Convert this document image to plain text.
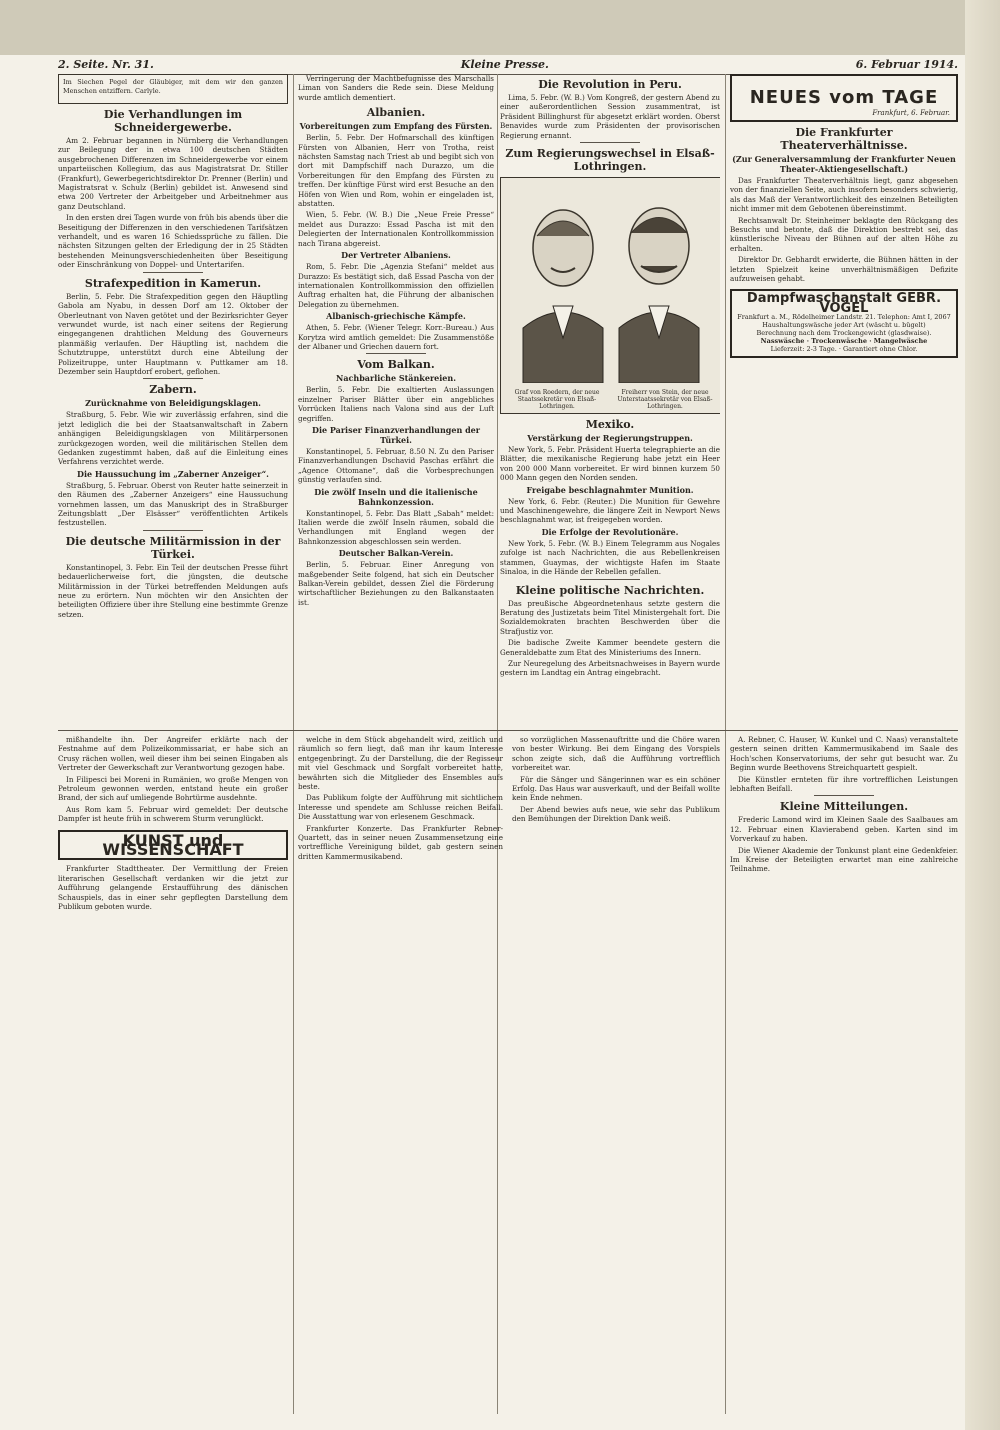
2. Seite. Nr. 31.	Kleine Presse.	6. Februar 1914.
Im Siechen Pegel der Gläubiger, mit dem wir den ganzen Menschen entziffern. Carlyle.
Die Verhandlungen im Schneidergewerbe.

Am 2. Februar begannen in Nürnberg die Verhandlungen zur Beilegung der in etwa 100 deutschen Städten ausgebrochenen Differenzen im Schneidergewerbe vor einem unparteiischen Kollegium, das aus Magistratsrat Dr. Stiller (Frankfurt), Gewerbegerichtsdirektor Dr. Prenner (Berlin) und Magistratsrat v. Schulz (Berlin) gebildet ist. Anwesend sind etwa 200 Vertreter der Arbeitgeber und Arbeitnehmer aus ganz Deutschland.

In den ersten drei Tagen wurde von früh bis abends über die Beseitigung der Differenzen in den verschiedenen Tarifsätzen verhandelt, und es waren 16 Schiedssprüche zu fällen. Die nächsten Sitzungen gelten der Erledigung der in 25 Städten bestehenden Meinungsverschiedenheiten über Beseitigung oder Einschränkung von Doppel- und Untertarifen.

Strafexpedition in Kamerun.

Berlin, 5. Febr. Die Strafexpedition gegen den Häuptling Gabola am Nyabu, in dessen Dorf am 12. Oktober der Oberleutnant von Naven getötet und der Bezirksrichter Geyer verwundet wurde, ist nach einer seitens der Regierung eingegangenen drahtlichen Meldung des Gouverneurs planmäßig verlaufen. Der Häuptling ist, nachdem die Schutztruppe, unterstützt durch eine Abteilung der Polizeitruppe, unter Hauptmann v. Puttkamer am 18. Dezember sein Hauptdorf erobert, geflohen.

Zabern.
Zurücknahme von Beleidigungsklagen.

Straßburg, 5. Febr. Wie wir zuverlässig erfahren, sind die jetzt lediglich die bei der Staatsanwaltschaft in Zabern anhängigen Beleidigungsklagen von Militärpersonen zurückgezogen worden, weil die militärischen Stellen dem Gedanken zugestimmt haben, daß auf die Einleitung eines Verfahrens verzichtet werde.

Die Haussuchung im „Zaberner Anzeiger“.

Straßburg, 5. Februar. Oberst von Reuter hatte seinerzeit in den Räumen des „Zaberner Anzeigers“ eine Haussuchung vornehmen lassen, um das Manuskript des in Straßburger Zeitungsblatt „Der Elsässer“ veröffentlichten Artikels festzustellen.

Die deutsche Militärmission in der Türkei.

Konstantinopel, 3. Febr. Ein Teil der deutschen Presse führt bedauerlicherweise fort, die jüngsten, die deutsche Militärmission in der Türkei betreffenden Meldungen aufs neue zu erörtern. Nun möchten wir den Ansichten der beteiligten Offiziere über ihre Stellung eine bestimmte Grenze setzen.

Verringerung der Machtbefugnisse des Marschalls Liman von Sanders die Rede sein. Diese Meldung wurde amtlich dementiert.

Albanien.
Vorbereitungen zum Empfang des Fürsten.

Berlin, 5. Febr. Der Hofmarschall des künftigen Fürsten von Albanien, Herr von Trotha, reist nächsten Samstag nach Triest ab und begibt sich von dort mit Dampfschiff nach Durazzo, um die Vorbereitungen für den Empfang des Fürsten zu treffen. Der künftige Fürst wird erst Besuche an den Höfen von Wien und Rom, wohin er eingeladen ist, abstatten.

Wien, 5. Febr. (W. B.) Die „Neue Freie Presse“ meldet aus Durazzo: Essad Pascha ist mit den Delegierten der Internationalen Kontrollkommission nach Tirana abgereist.

Der Vertreter Albaniens.

Rom, 5. Febr. Die „Agenzia Stefani“ meldet aus Durazzo: Es bestätigt sich, daß Essad Pascha von der internationalen Kontrollkommission den offiziellen Auftrag erhalten hat, die Führung der albanischen Delegation zu übernehmen.

Albanisch-griechische Kämpfe.

Athen, 5. Febr. (Wiener Telegr. Korr.-Bureau.) Aus Korytza wird amtlich gemeldet: Die Zusammenstöße der Albaner und Griechen dauern fort.

Vom Balkan.
Nachbarliche Stänkereien.

Berlin, 5. Febr. Die exaltierten Auslassungen einzelner Pariser Blätter über ein angebliches Vorrücken Italiens nach Valona sind aus der Luft gegriffen.

Die Pariser Finanzverhandlungen der Türkei.

Konstantinopel, 5. Februar, 8.50 N. Zu den Pariser Finanzverhandlungen Dschavid Paschas erfährt die „Agence Ottomane“, daß die Vorbesprechungen günstig verlaufen sind.

Die zwölf Inseln und die italienische Bahnkonzession.

Konstantinopel, 5. Febr. Das Blatt „Sabah“ meldet: Italien werde die zwölf Inseln räumen, sobald die Verhandlungen mit England wegen der Bahnkonzession abgeschlossen sein werden.

Deutscher Balkan-Verein.

Berlin, 5. Februar. Einer Anregung von maßgebender Seite folgend, hat sich ein Deutscher Balkan-Verein gebildet, dessen Ziel die Förderung wirtschaftlicher Beziehungen zu den Balkanstaaten ist.

Die Revolution in Peru.

Lima, 5. Febr. (W. B.) Vom Kongreß, der gestern Abend zu einer außerordentlichen Session zusammentrat, ist Präsident Billinghurst für abgesetzt erklärt worden. Oberst Benavides wurde zum Präsidenten der provisorischen Regierung ernannt.

Zum Regierungswechsel in Elsaß-Lothringen.
Graf von Roedern, der neue Staatssekretär von Elsaß-Lothringen.
Freiherr von Stein, der neue Unterstaatssekretär von Elsaß-Lothringen.
Mexiko.
Verstärkung der Regierungstruppen.

New York, 5. Febr. Präsident Huerta telegraphierte an die Blätter, die mexikanische Regierung habe jetzt ein Heer von 200 000 Mann vorbereitet. Er wird binnen kurzem 50 000 Mann gegen den Norden senden.

Freigabe beschlagnahmter Munition.

New York, 6. Febr. (Reuter.) Die Munition für Gewehre und Maschinengewehre, die längere Zeit in Newport News beschlagnahmt war, ist freigegeben worden.

Die Erfolge der Revolutionäre.

New York, 5. Febr. (W. B.) Einem Telegramm aus Nogales zufolge ist nach Nachrichten, die aus Rebellenkreisen stammen, Guaymas, der wichtigste Hafen im Staate Sinaloa, in die Hände der Rebellen gefallen.

Kleine politische Nachrichten.

Das preußische Abgeordnetenhaus setzte gestern die Beratung des Justizetats beim Titel Ministergehalt fort. Die Sozialdemokraten brachten Beschwerden über die Strafjustiz vor.

Die badische Zweite Kammer beendete gestern die Generaldebatte zum Etat des Ministeriums des Innern.

Zur Neuregelung des Arbeitsnachweises in Bayern wurde gestern im Landtag ein Antrag eingebracht.

NEUES vom TAGE
Frankfurt, 6. Februar.
Die Frankfurter Theaterverhältnisse.
(Zur Generalversammlung der Frankfurter Neuen Theater-Aktiengesellschaft.)

Das Frankfurter Theaterverhältnis liegt, ganz abgesehen von der finanziellen Seite, auch insofern besonders schwierig, als das Maß der Verantwortlichkeit des einzelnen Beteiligten nicht immer mit dem Gebotenen übereinstimmt.

Rechtsanwalt Dr. Steinheimer beklagte den Rückgang des Besuchs und betonte, daß die Direktion bestrebt sei, das künstlerische Niveau der Bühnen auf der alten Höhe zu erhalten.

Direktor Dr. Gebhardt erwiderte, die Bühnen hätten in der letzten Spielzeit keine unverhältnismäßigen Defizite aufzuweisen gehabt.

Dampfwaschanstalt GEBR. VOGEL
Frankfurt a. M., Rödelheimer Landstr. 21. Telephon: Amt I, 2067
Haushaltungswäsche jeder Art (wäscht u. bügelt)
Berechnung nach dem Trockengewicht (glasdwaise).
Nasswäsche · Trockenwäsche · Mangelwäsche
Lieferzeit: 2-3 Tage. · Garantiert ohne Chlor.

mißhandelte ihn. Der Angreifer erklärte nach der Festnahme auf dem Polizeikommissariat, er habe sich an Crusy rächen wollen, weil dieser ihm bei seinen Eingaben als Vertreter der Gewerkschaft zur Verantwortung gezogen habe.

In Filipesci bei Moreni in Rumänien, wo große Mengen von Petroleum gewonnen werden, entstand heute ein großer Brand, der sich auf umliegende Bohrtürme ausdehnte.

Aus Rom kam 5. Februar wird gemeldet: Der deutsche Dampfer ist heute früh in schwerem Sturm verunglückt.

KUNST und WISSENSCHAFT

Frankfurter Stadttheater. Der Vermittlung der Freien literarischen Gesellschaft verdanken wir die jetzt zur Aufführung gelangende Erstaufführung des dänischen Schauspiels, das in einer sehr gepflegten Darstellung dem Publikum geboten wurde.

welche in dem Stück abgehandelt wird, zeitlich und räumlich so fern liegt, daß man ihr kaum Interesse entgegenbringt. Zu der Darstellung, die der Regisseur mit viel Geschmack und Sorgfalt vorbereitet hatte, bewährten sich die Mitglieder des Ensembles aufs beste.

Das Publikum folgte der Aufführung mit sichtlichem Interesse und spendete am Schlusse reichen Beifall. Die Ausstattung war von erlesenem Geschmack.

Frankfurter Konzerte. Das Frankfurter Rebner-Quartett, das in seiner neuen Zusammensetzung eine vortreffliche Vereinigung bildet, gab gestern seinen dritten Kammermusikabend.

so vorzüglichen Massenauftritte und die Chöre waren von bester Wirkung. Bei dem Eingang des Vorspiels schon zeigte sich, daß die Aufführung vortrefflich vorbereitet war.

Für die Sänger und Sängerinnen war es ein schöner Erfolg. Das Haus war ausverkauft, und der Beifall wollte kein Ende nehmen.

Der Abend bewies aufs neue, wie sehr das Publikum den Bemühungen der Direktion Dank weiß.

A. Rebner, C. Hauser, W. Kunkel und C. Naas) veranstaltete gestern seinen dritten Kammermusikabend im Saale des Hoch'schen Konservatoriums, der sehr gut besucht war. Zu Beginn wurde Beethovens Streichquartett gespielt.

Die Künstler ernteten für ihre vortrefflichen Leistungen lebhaften Beifall.

Kleine Mitteilungen.

Frederic Lamond wird im Kleinen Saale des Saalbaues am 12. Februar einen Klavierabend geben. Karten sind im Vorverkauf zu haben.

Die Wiener Akademie der Tonkunst plant eine Gedenkfeier. Im Kreise der Beteiligten erwartet man eine zahlreiche Teilnahme.
